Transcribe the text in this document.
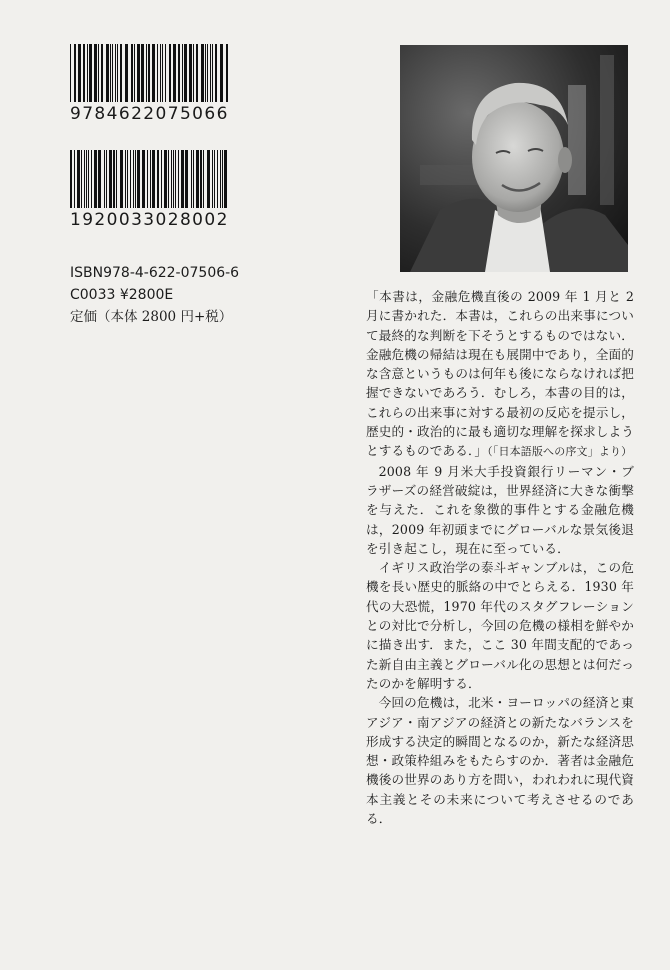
9784622075066
1920033028002
ISBN978-4-622-07506-6
C0033 ¥2800E
定価（本体 2800 円+税）

「本書は，金融危機直後の 2009 年 1 月と 2 月に書かれた．本書は，これらの出来事について最終的な判断を下そうとするものではない．金融危機の帰結は現在も展開中であり，全面的な含意というものは何年も後にならなければ把握できないであろう．むしろ，本書の目的は，これらの出来事に対する最初の反応を提示し，歴史的・政治的に最も適切な理解を探求しようとするものである．」（「日本語版への序文」より）

2008 年 9 月米大手投資銀行リーマン・ブラザーズの経営破綻は，世界経済に大きな衝撃を与えた．これを象徴的事件とする金融危機は，2009 年初頭までにグローバルな景気後退を引き起こし，現在に至っている．

イギリス政治学の泰斗ギャンブルは，この危機を長い歴史的脈絡の中でとらえる．1930 年代の大恐慌，1970 年代のスタグフレーションとの対比で分析し，今回の危機の様相を鮮やかに描き出す．また，ここ 30 年間支配的であった新自由主義とグローバル化の思想とは何だったのかを解明する．

今回の危機は，北米・ヨーロッパの経済と東アジア・南アジアの経済との新たなバランスを形成する決定的瞬間となるのか，新たな経済思想・政策枠組みをもたらすのか．著者は金融危機後の世界のあり方を問い，われわれに現代資本主義とその未来について考えさせるのである．
